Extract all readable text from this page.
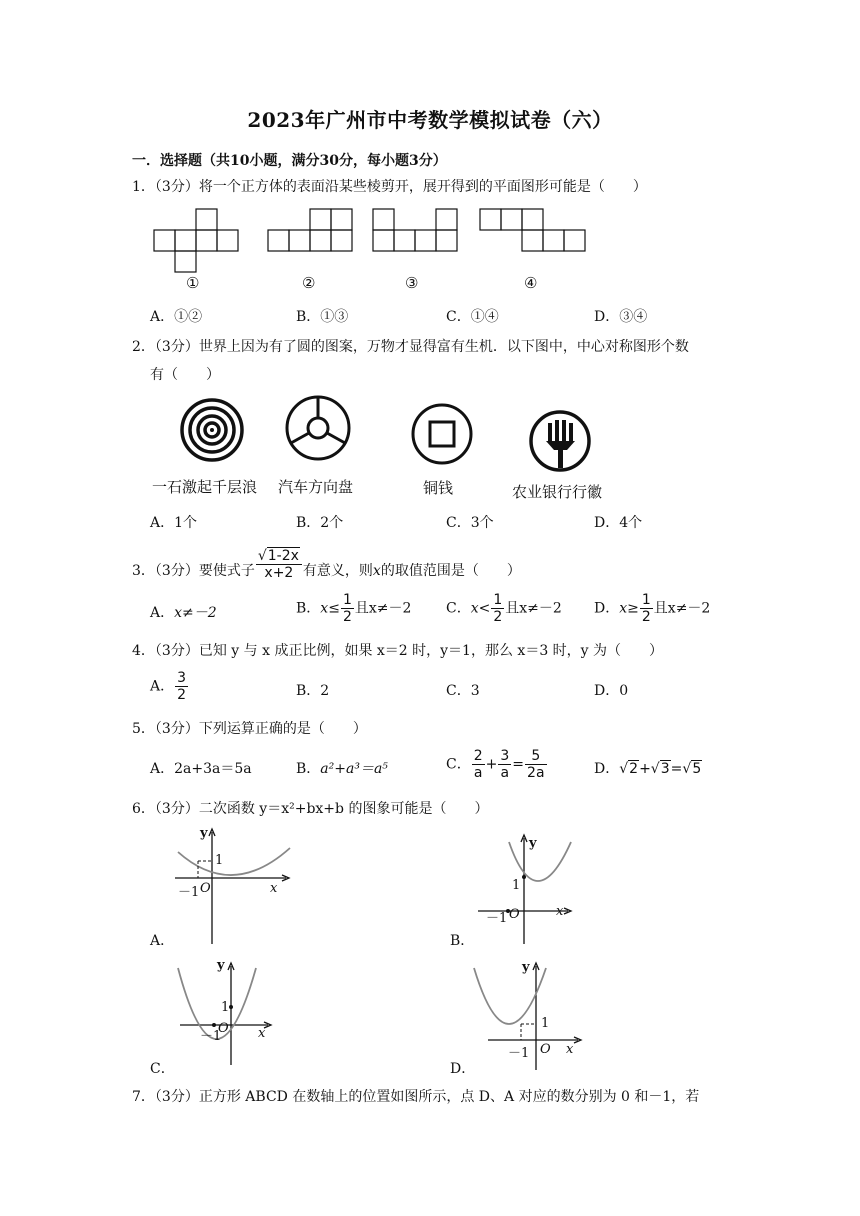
2023年广州市中考数学模拟试卷（六）
一．选择题（共10小题，满分30分，每小题3分）
1．（3分）将一个正方体的表面沿某些棱剪开，展开得到的平面图形可能是（　　）
①	②	③	④
A．①②	B．①③	C．①④	D．③④
2．（3分）世界上因为有了圆的图案，万物才显得富有生机．以下图中，中心对称图形个数
有（　　）
一石激起千层浪 汽车方向盘	铜钱	农业银行行徽
A．1个	B．2个	C．3个	D．4个
3．（3分）要使式子 $\frac{√1-2x}{x+2}$ 有意义，则x的取值范围是（　　）
A．x≠－2	B．$x\le \frac{1}{2}$ 且x≠－2 C．$x< \frac{1}{2}$ 且x≠－2 D．$x\ge \frac{1}{2}$ 且x≠－2
4．（3分）已知 y 与 x 成正比例，如果 x＝2 时，y＝1，那么 x＝3 时，y 为（　　）
A． $\frac{3}{2}$	B．2	C．3	D．0
5．（3分）下列运算正确的是（　　）
A．2a+3a＝5a	B．a²+a³＝a⁵	C． $\frac{2}{a} + \frac{3}{a} = \frac{5}{2a}$	D．√2+√3=√5
6．（3分）二次函数 y＝x²+bx+b 的图象可能是（　　）
y
1
－1 O	x
A．
y
1
－1 O	x
B．
y
1
－1
O x
C．
y
1
－1 O x
D．
7．（3分）正方形 ABCD 在数轴上的位置如图所示，点 D、A 对应的数分别为 0 和－1，若
